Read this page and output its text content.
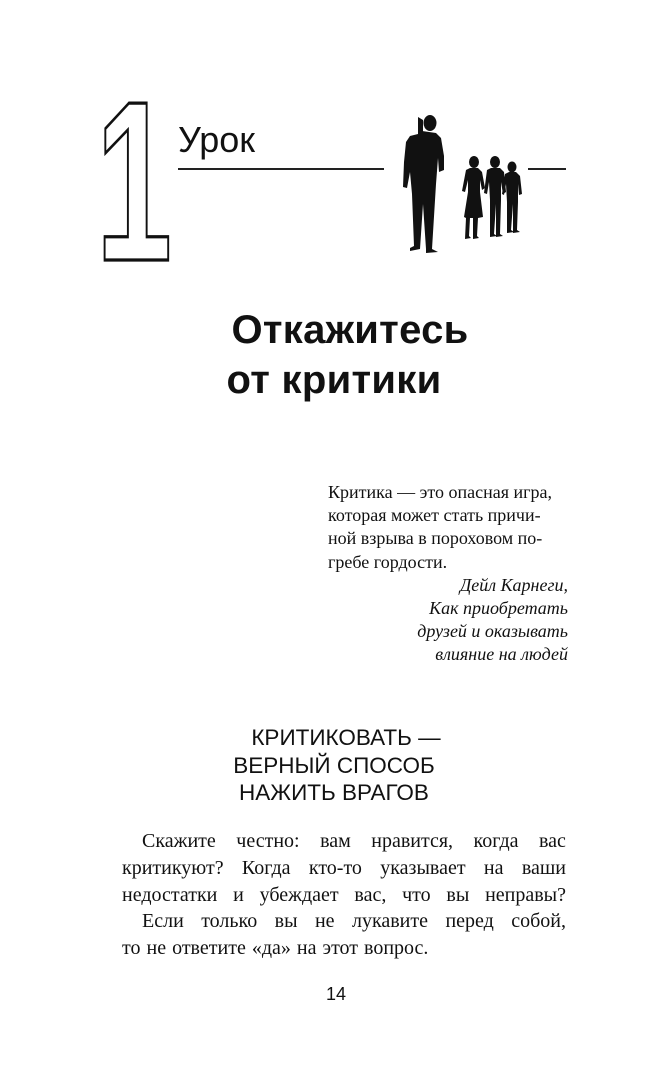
1 Урок
Откажитесь
от критики
Критика — это опасная игра,
которая может стать причи-
ной взрыва в пороховом по-
гребе гордости.
Дейл Карнеги,
Как приобретать
друзей и оказывать
влияние на людей
КРИТИКОВАТЬ —
ВЕРНЫЙ СПОСОБ
НАЖИТЬ ВРАГОВ
Скажите честно: вам нравится, когда вас
критикуют? Когда кто-то указывает на ваши
недостатки и убеждает вас, что вы неправы?
Если только вы не лукавите перед собой,
то не ответите «да» на этот вопрос.
14
